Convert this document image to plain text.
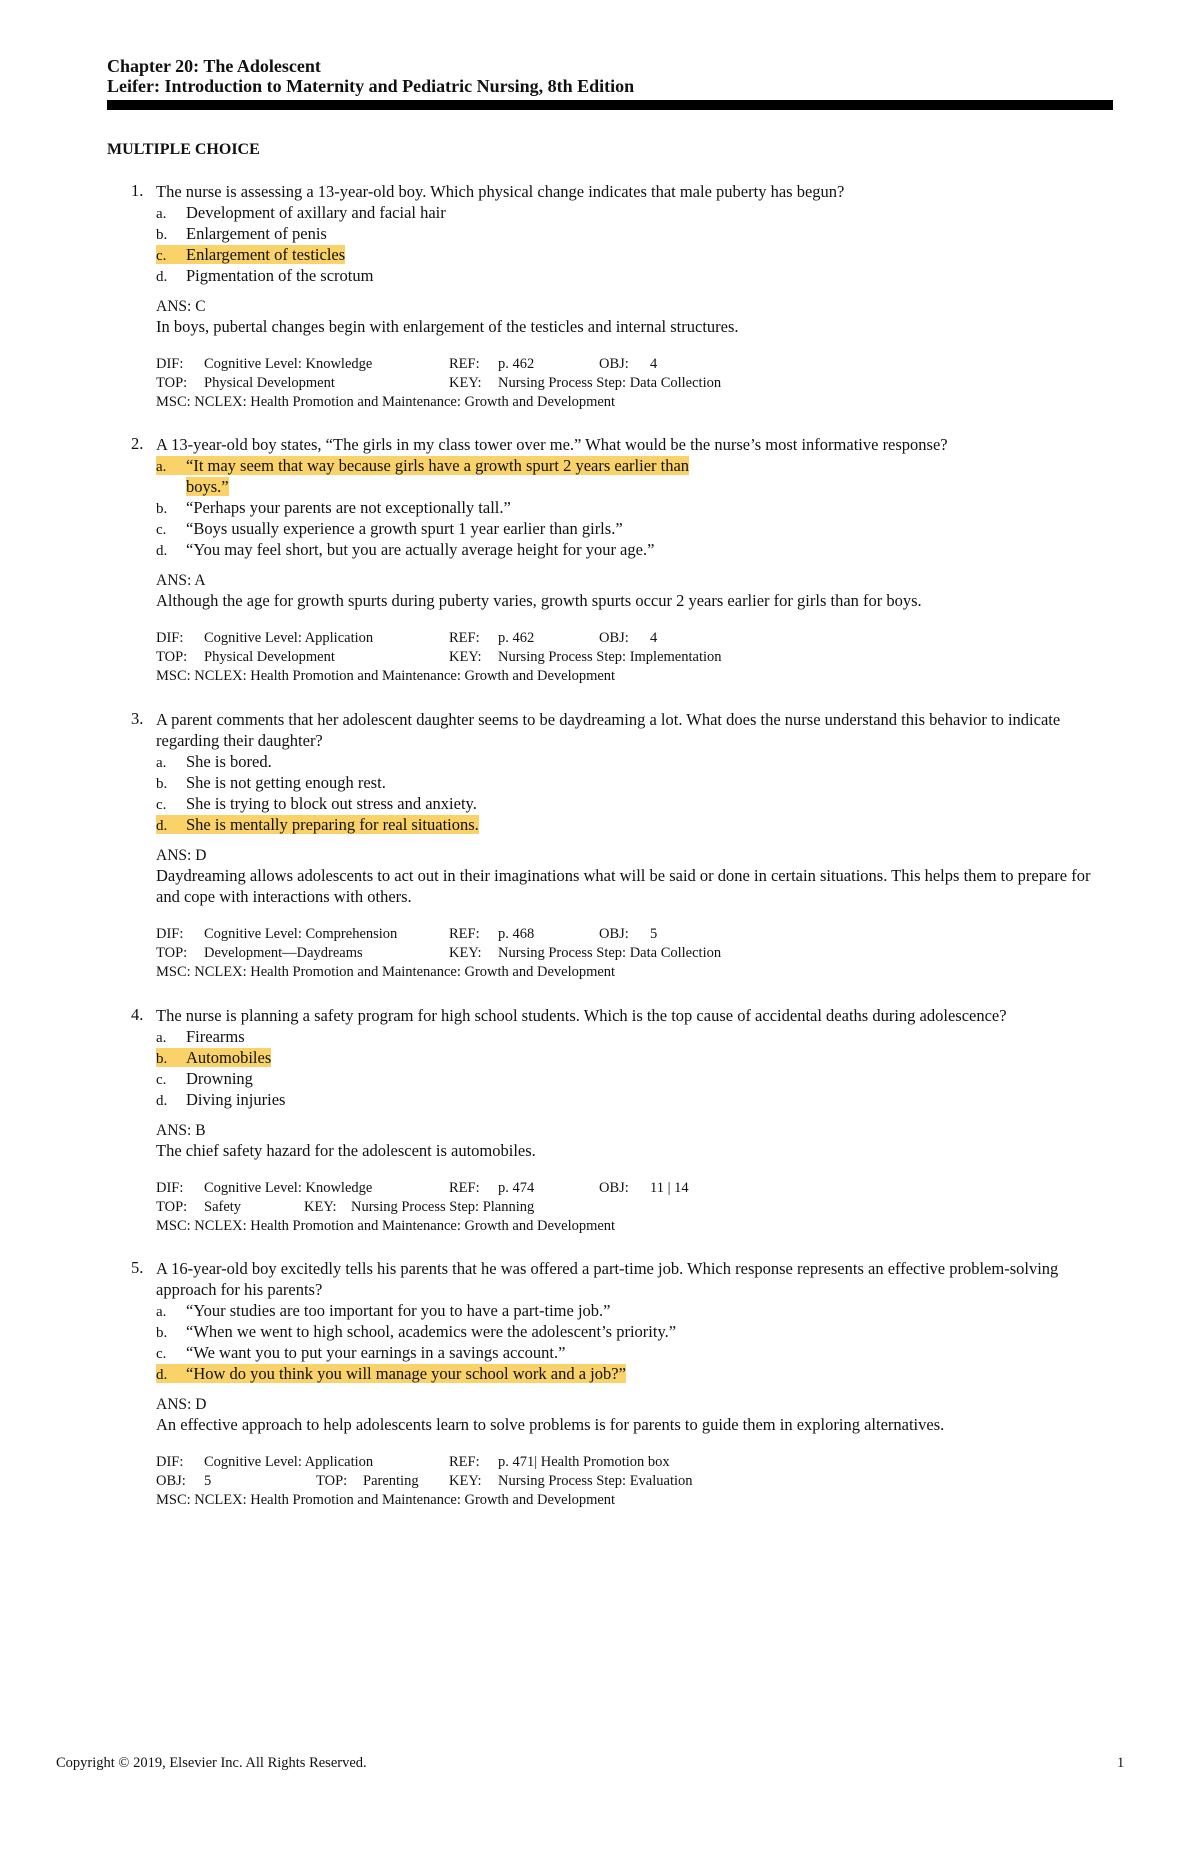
Chapter 20: The Adolescent
Leifer: Introduction to Maternity and Pediatric Nursing, 8th Edition
MULTIPLE CHOICE
1. The nurse is assessing a 13-year-old boy. Which physical change indicates that male puberty has begun?
a. Development of axillary and facial hair
b. Enlargement of penis
c. Enlargement of testicles
d. Pigmentation of the scrotum
ANS: C
In boys, pubertal changes begin with enlargement of the testicles and internal structures.
DIF: Cognitive Level: Knowledge	REF: p. 462	OBJ: 4
TOP: Physical Development	KEY: Nursing Process Step: Data Collection
MSC: NCLEX: Health Promotion and Maintenance: Growth and Development
2. A 13-year-old boy states, “The girls in my class tower over me.” What would be the nurse’s most informative response?
a. “It may seem that way because girls have a growth spurt 2 years earlier than
boys.”
b. “Perhaps your parents are not exceptionally tall.”
c. “Boys usually experience a growth spurt 1 year earlier than girls.”
d. “You may feel short, but you are actually average height for your age.”
ANS: A
Although the age for growth spurts during puberty varies, growth spurts occur 2 years earlier for girls than for boys.
DIF: Cognitive Level: Application	REF: p. 462	OBJ: 4
TOP: Physical Development	KEY: Nursing Process Step: Implementation
MSC: NCLEX: Health Promotion and Maintenance: Growth and Development
3. A parent comments that her adolescent daughter seems to be daydreaming a lot. What does the nurse understand this behavior to indicate regarding their daughter?
a. She is bored.
b. She is not getting enough rest.
c. She is trying to block out stress and anxiety.
d. She is mentally preparing for real situations.
ANS: D
Daydreaming allows adolescents to act out in their imaginations what will be said or done in certain situations. This helps them to prepare for and cope with interactions with others.
DIF: Cognitive Level: Comprehension	REF: p. 468	OBJ: 5
TOP: Development—Daydreams	KEY: Nursing Process Step: Data Collection
MSC: NCLEX: Health Promotion and Maintenance: Growth and Development
4. The nurse is planning a safety program for high school students. Which is the top cause of accidental deaths during adolescence?
a. Firearms
b. Automobiles
c. Drowning
d. Diving injuries
ANS: B
The chief safety hazard for the adolescent is automobiles.
DIF: Cognitive Level: Knowledge	REF: p. 474	OBJ: 11 | 14
TOP: Safety	KEY: Nursing Process Step: Planning
MSC: NCLEX: Health Promotion and Maintenance: Growth and Development
5. A 16-year-old boy excitedly tells his parents that he was offered a part-time job. Which response represents an effective problem-solving approach for his parents?
a. “Your studies are too important for you to have a part-time job.”
b. “When we went to high school, academics were the adolescent’s priority.”
c. “We want you to put your earnings in a savings account.”
d. “How do you think you will manage your school work and a job?”
ANS: D
An effective approach to help adolescents learn to solve problems is for parents to guide them in exploring alternatives.
DIF: Cognitive Level: Application	REF: p. 471| Health Promotion box
OBJ: 5	TOP: Parenting KEY: Nursing Process Step: Evaluation
MSC: NCLEX: Health Promotion and Maintenance: Growth and Development
Copyright © 2019, Elsevier Inc. All Rights Reserved.	1
